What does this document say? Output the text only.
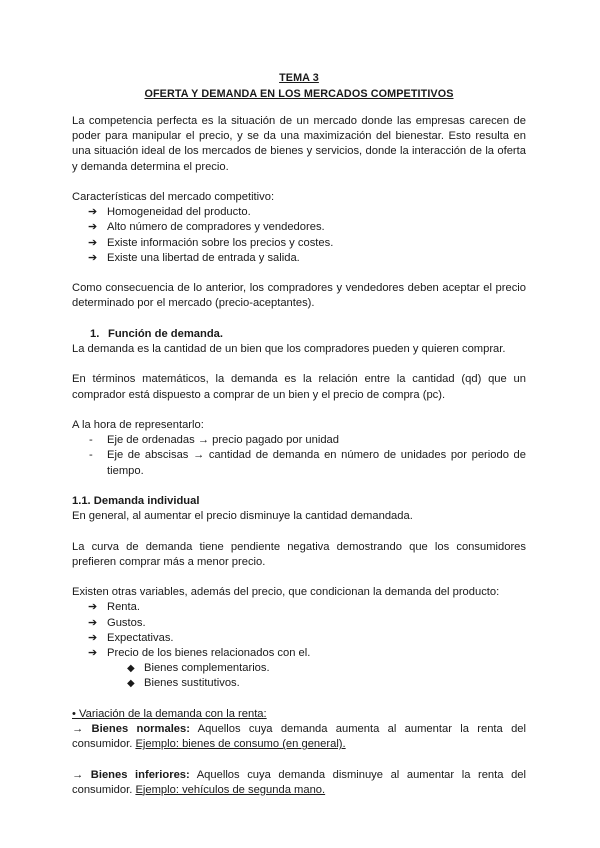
TEMA 3
OFERTA Y DEMANDA EN LOS MERCADOS COMPETITIVOS

La competencia perfecta es la situación de un mercado donde las empresas carecen de poder para manipular el precio, y se da una maximización del bienestar. Esto resulta en una situación ideal de los mercados de bienes y servicios, donde la interacción de la oferta y demanda determina el precio.

Características del mercado competitivo:

➔ Homogeneidad del producto.
➔ Alto número de compradores y vendedores.
➔ Existe información sobre los precios y costes.
➔ Existe una libertad de entrada y salida.

Como consecuencia de lo anterior, los compradores y vendedores deben aceptar el precio determinado por el mercado (precio-aceptantes).

1. Función de demanda.

La demanda es la cantidad de un bien que los compradores pueden y quieren comprar.

En términos matemáticos, la demanda es la relación entre la cantidad (qd) que un comprador está dispuesto a comprar de un bien y el precio de compra (pc).

A la hora de representarlo:

- Eje de ordenadas → precio pagado por unidad
- Eje de abscisas → cantidad de demanda en número de unidades por periodo de tiempo.
1.1. Demanda individual

En general, al aumentar el precio disminuye la cantidad demandada.

La curva de demanda tiene pendiente negativa demostrando que los consumidores prefieren comprar más a menor precio.

Existen otras variables, además del precio, que condicionan la demanda del producto:

➔ Renta.
➔ Gustos.
➔ Expectativas.
➔ Precio de los bienes relacionados con el.
◆ Bienes complementarios.
◆ Bienes sustitutivos.

• Variación de la demanda con la renta:

→ Bienes normales: Aquellos cuya demanda aumenta al aumentar la renta del consumidor. Ejemplo: bienes de consumo (en general).

→ Bienes inferiores: Aquellos cuya demanda disminuye al aumentar la renta del consumidor. Ejemplo: vehículos de segunda mano.
